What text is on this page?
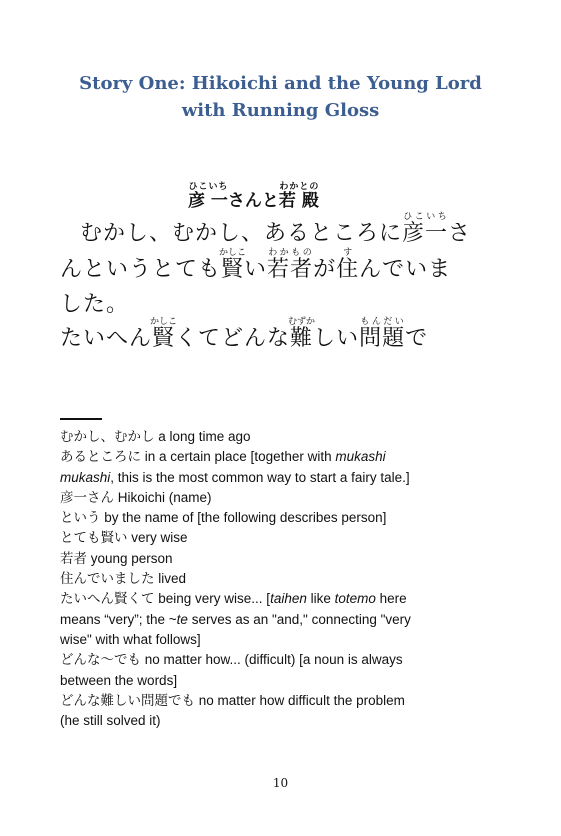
Story One: Hikoichi and the Young Lord
with Running Gloss
彦 一ひこいちさんと若 殿わかとの
むかし、むかし、あるところに彦一ひこいちさ
んというとても賢かしこい若者わかものが住すんでいま
した。
たいへん賢かしこくてどんな難むずかしい問題もんだいで
むかし、むかし a long time ago
あるところに in a certain place [together with mukashi
mukashi, this is the most common way to start a fairy tale.]
彦一さん Hikoichi (name)
という by the name of [the following describes person]
とても賢い very wise
若者 young person
住んでいました lived
たいへん賢くて being very wise... [taihen like totemo here
means “very”; the ~te serves as an "and," connecting "very
wise" with what follows]
どんな～でも no matter how... (difficult) [a noun is always
between the words]
どんな難しい問題でも no matter how difficult the problem
(he still solved it)
10
